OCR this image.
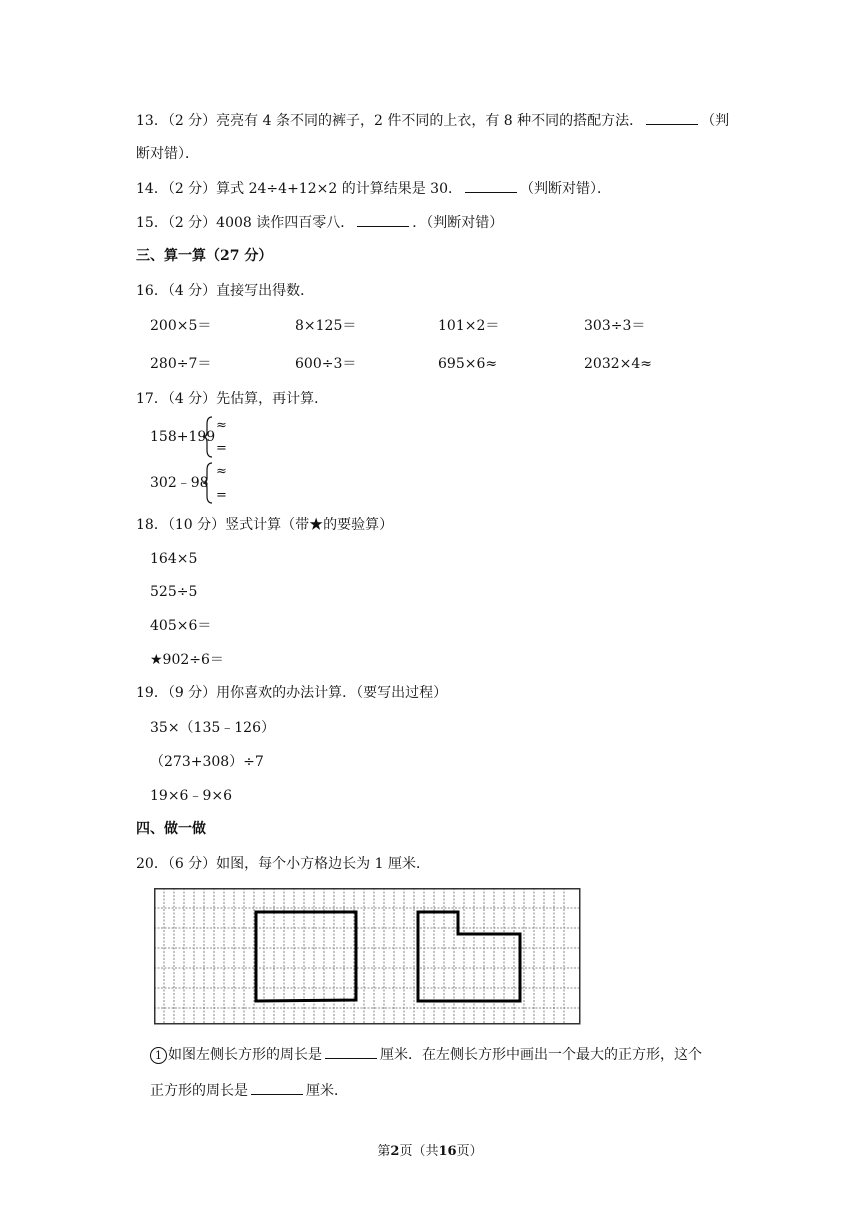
13．（2 分）亮亮有 4 条不同的裤子，2 件不同的上衣，有 8 种不同的搭配方法．	（判
断对错）．
14．（2 分）算式 24÷4+12×2 的计算结果是 30．	（判断对错）．
15．（2 分）4008 读作四百零八．	．（判断对错）
三、算一算（27 分）
16．（4 分）直接写出得数．
200×5＝	8×125＝	101×2＝	303÷3＝
280÷7＝	600÷3＝	695×6≈	2032×4≈
17．（4 分）先估算，再计算．
158+199
≈
=
302﹣98
≈
=
18．（10 分）竖式计算（带★的要验算）
164×5
525÷5
405×6＝
★902÷6＝
19．（9 分）用你喜欢的办法计算．（要写出过程）
35×（135﹣126）
（273+308）÷7
19×6﹣9×6
四、做一做
20．（6 分）如图，每个小方格边长为 1 厘米．
1 如图左侧长方形的周长是	厘米．在左侧长方形中画出一个最大的正方形，这个
正方形的周长是	厘米．
第2页（共16页）
